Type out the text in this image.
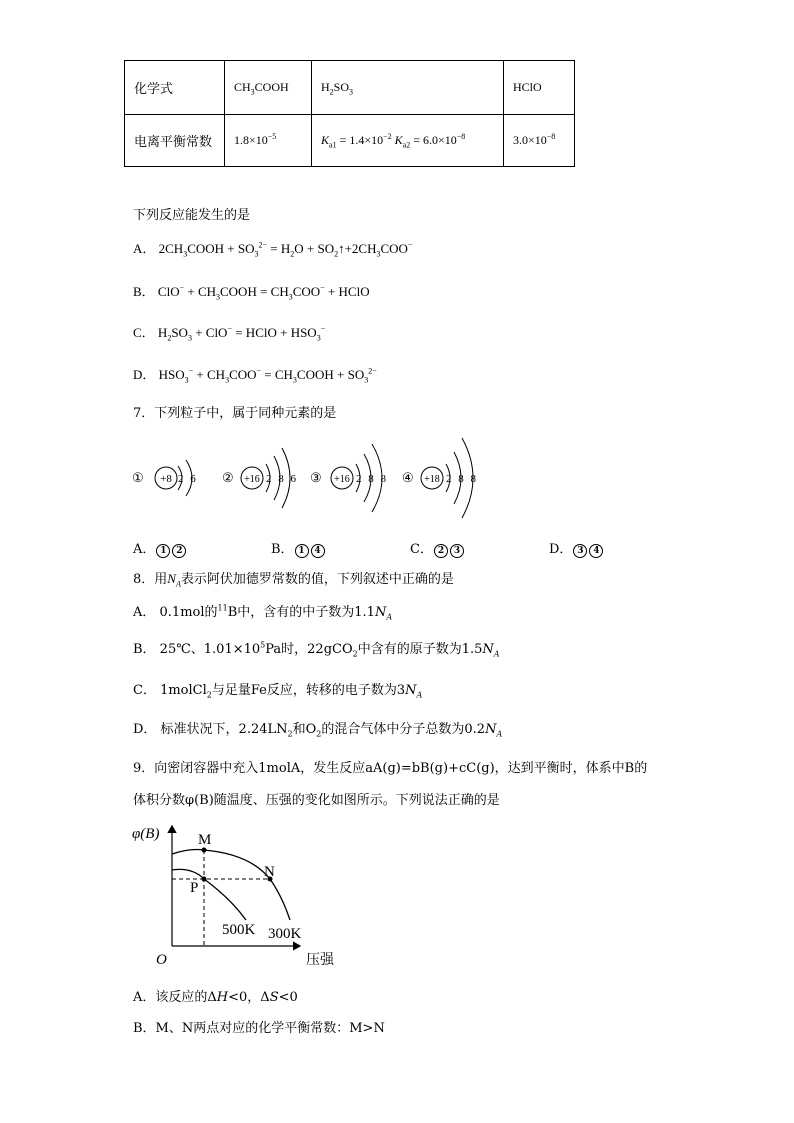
化学式	$CH_3COOH$	$H_2SO_3$	HClO
电离平衡常数	$1.8\times 10^{-5}$	$K_{a1} = 1.4\times 10^{-2}$ $K_{a2} = 6.0\times 10^{-8}$	$3.0\times 10^{-8}$
下列反应能发生的是
A． $2CH_3COOH + SO_3^{2-} = H_2O$ + $SO_2↑+2CH_3COO^-$
B． $ClO^- + CH_3COOH = CH_3COO^-$ + HClO
C． $H_2SO_3 + ClO^-$ = HClO + $HSO_3^-$
D． $HSO_3^- + CH_3COO^-$ = $CH_3COOH + SO_3^{2-}$
7．下列粒子中，属于同种元素的是
① +8 2 6 ② +16 2 8 6 ③ +16 2 8 8 ④ +18 2 8 8
A． 1 2	B． 1 4	C． 2 3	D． 3 4
8．用$N_A$表示阿伏加德罗常数的值，下列叙述中正确的是
A． 0.1mol的$^{11}$B中，含有的中子数为$1.1N_A$
B． 25℃、$1.01\times 10^5Pa$时，22gCO$_2$中含有的原子数为$1.5N_A$
C． 1molCl$_2$与足量Fe反应，转移的电子数为$3N_A$
D． 标准状况下，$2.24LN_2$和$O_2$的混合气体中分子总数为$0.2N_A$
9．向密闭容器中充入1molA，发生反应aA(g)=bB(g)+cC(g)，达到平衡时，体系中B的
体积分数φ(B)随温度、压强的变化如图所示。下列说法正确的是
φ(B)
压强
O
M
N
P
500K 300K
A．该反应的ΔH<0，ΔS<0
B．M、N两点对应的化学平衡常数：M>N
